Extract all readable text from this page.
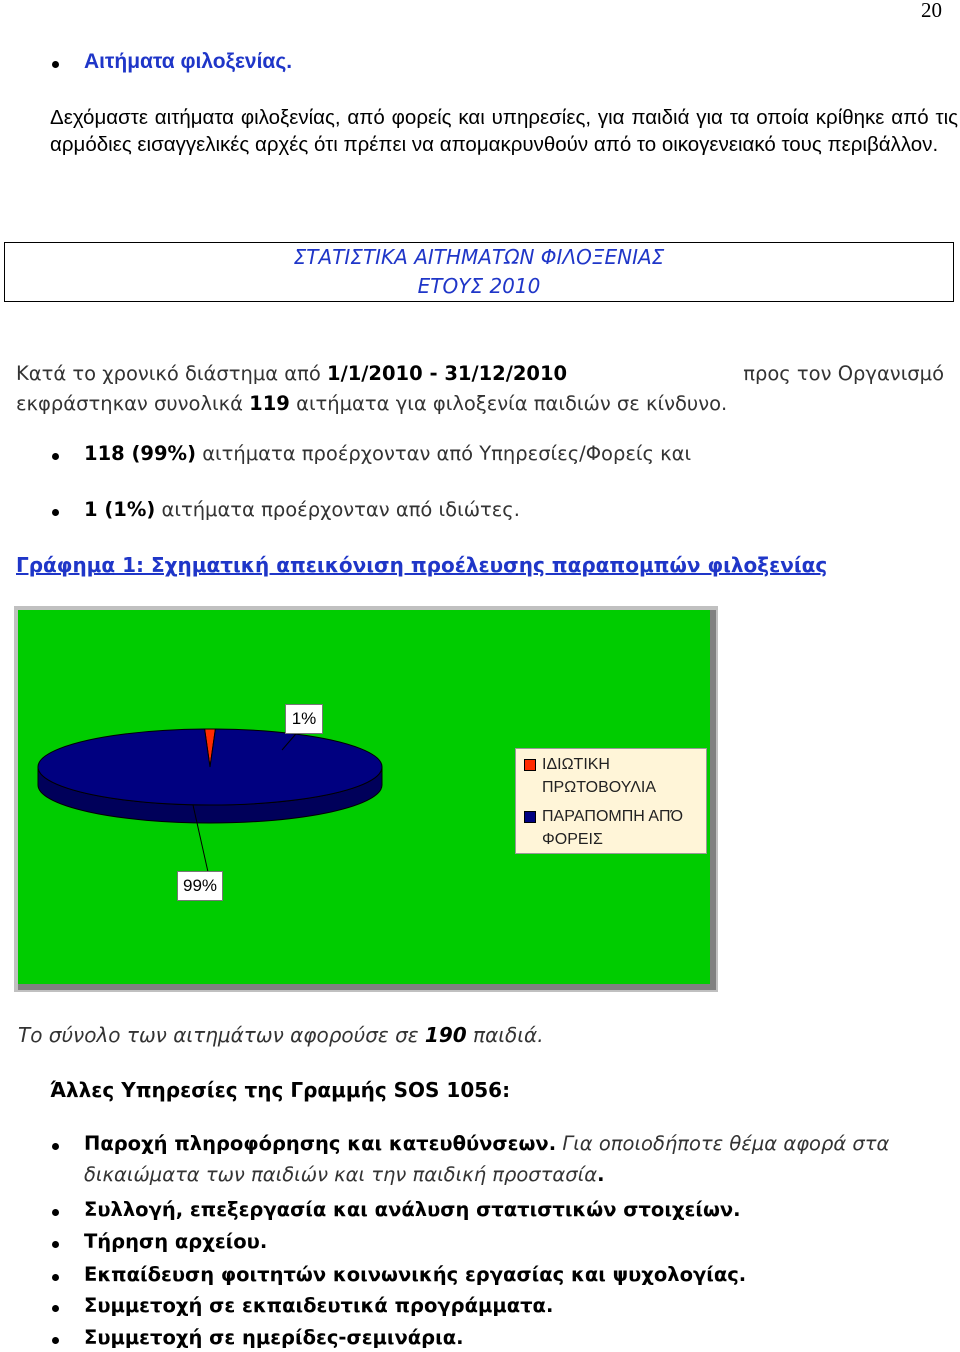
20
Αιτήματα φιλοξενίας.
Δεχόμαστε αιτήματα φιλοξενίας, από φορείς και υπηρεσίες, για παιδιά για τα οποία κρίθηκε από τις αρμόδιες εισαγγελικές αρχές ότι πρέπει να απομακρυνθούν από το οικογενειακό τους περιβάλλον.
ΣΤΑΤΙΣΤΙΚΑ ΑΙΤΗΜΑΤΩΝ ΦΙΛΟΞΕΝΙΑΣ
ΕΤΟΥΣ 2010
Κατά το χρονικό διάστημα από 1/1/2010 - 31/12/2010	προς τον Οργανισμό
εκφράστηκαν συνολικά 119 αιτήματα για φιλοξενία παιδιών σε κίνδυνο.
118 (99%) αιτήματα προέρχονταν από Υπηρεσίες/Φορείς και
1 (1%) αιτήματα προέρχονταν από ιδιώτες.
Γράφημα 1: Σχηματική απεικόνιση προέλευσης παραπομπών φιλοξενίας
1%
99%
ΙΔΙΩΤΙΚΗ ΠΡΩΤΟΒΟΥΛΙΑ
ΠΑΡΑΠΟΜΠΗ ΑΠΌ ΦΟΡΕΙΣ
Το σύνολο των αιτημάτων αφορούσε σε 190 παιδιά.
Άλλες Υπηρεσίες της Γραμμής SOS 1056:
Παροχή πληροφόρησης και κατευθύνσεων. Για οποιοδήποτε θέμα αφορά στα
δικαιώματα των παιδιών και την παιδική προστασία.
Συλλογή, επεξεργασία και ανάλυση στατιστικών στοιχείων.
Τήρηση αρχείου.
Εκπαίδευση φοιτητών κοινωνικής εργασίας και ψυχολογίας.
Συμμετοχή σε εκπαιδευτικά προγράμματα.
Συμμετοχή σε ημερίδες-σεμινάρια.
